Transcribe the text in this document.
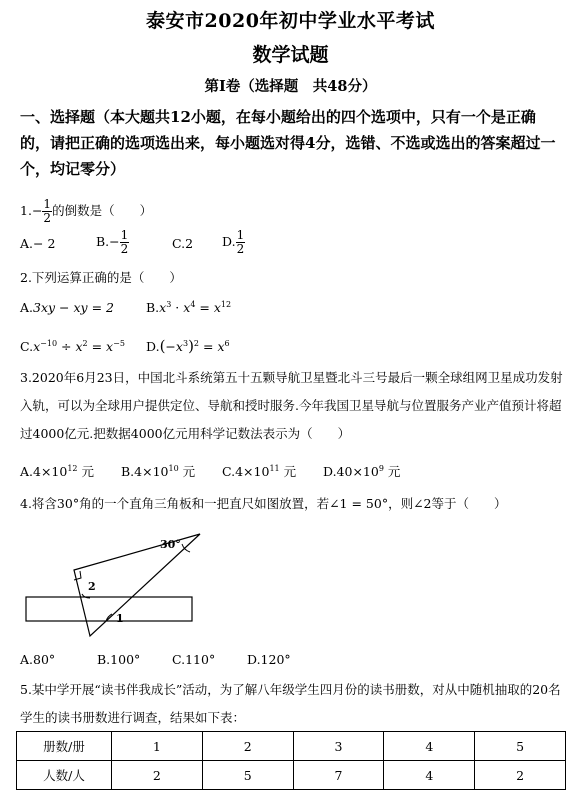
泰安市2020年初中学业水平考试
数学试题
第Ⅰ卷（选择题　共48分）
一、选择题（本大题共12小题，在每小题给出的四个选项中，只有一个是正确的，请把正确的选项选出来，每小题选对得4分，选错、不选或选出的答案超过一个，均记零分）
$1.- \frac{1}{2}$ 的倒数是（　　）
A.− 2	$B.- \frac{1}{2}$	C.2 D. $\frac{1}{2}$
2.下列运算正确的是（　　）
A.3xy − xy = 2	$B.x^3 \cdot x^4 = x^{12}$
$C.x^{-10} \div x^2 = x^{-5}$ $D.(-x^3)^2 = x^6$
3.2020年6月23日，中国北斗系统第五十五颗导航卫星暨北斗三号最后一颗全球组网卫星成功发射入轨，可以为全球用户提供定位、导航和授时服务.今年我国卫星导航与位置服务产业产值预计将超过4000亿元.把数据4000亿元用科学记数法表示为（　　）
$A.4\times 10^{12}$ 元 $B.4\times 10^{10}$ 元 $C.4\times 10^{11}$ 元 $D.40\times 10^9$ 元
4.将含30°角的一个直角三角板和一把直尺如图放置，若∠1 = 50°，则∠2等于（　　）
30°
2
1
A.80°	B.100°	C.110°	D.120°
5.某中学开展“读书伴我成长”活动，为了解八年级学生四月份的读书册数，对从中随机抽取的20名学生的读书册数进行调查，结果如下表：
册数/册	1	2	3	4	5
人数/人	2	5	7	4	2
